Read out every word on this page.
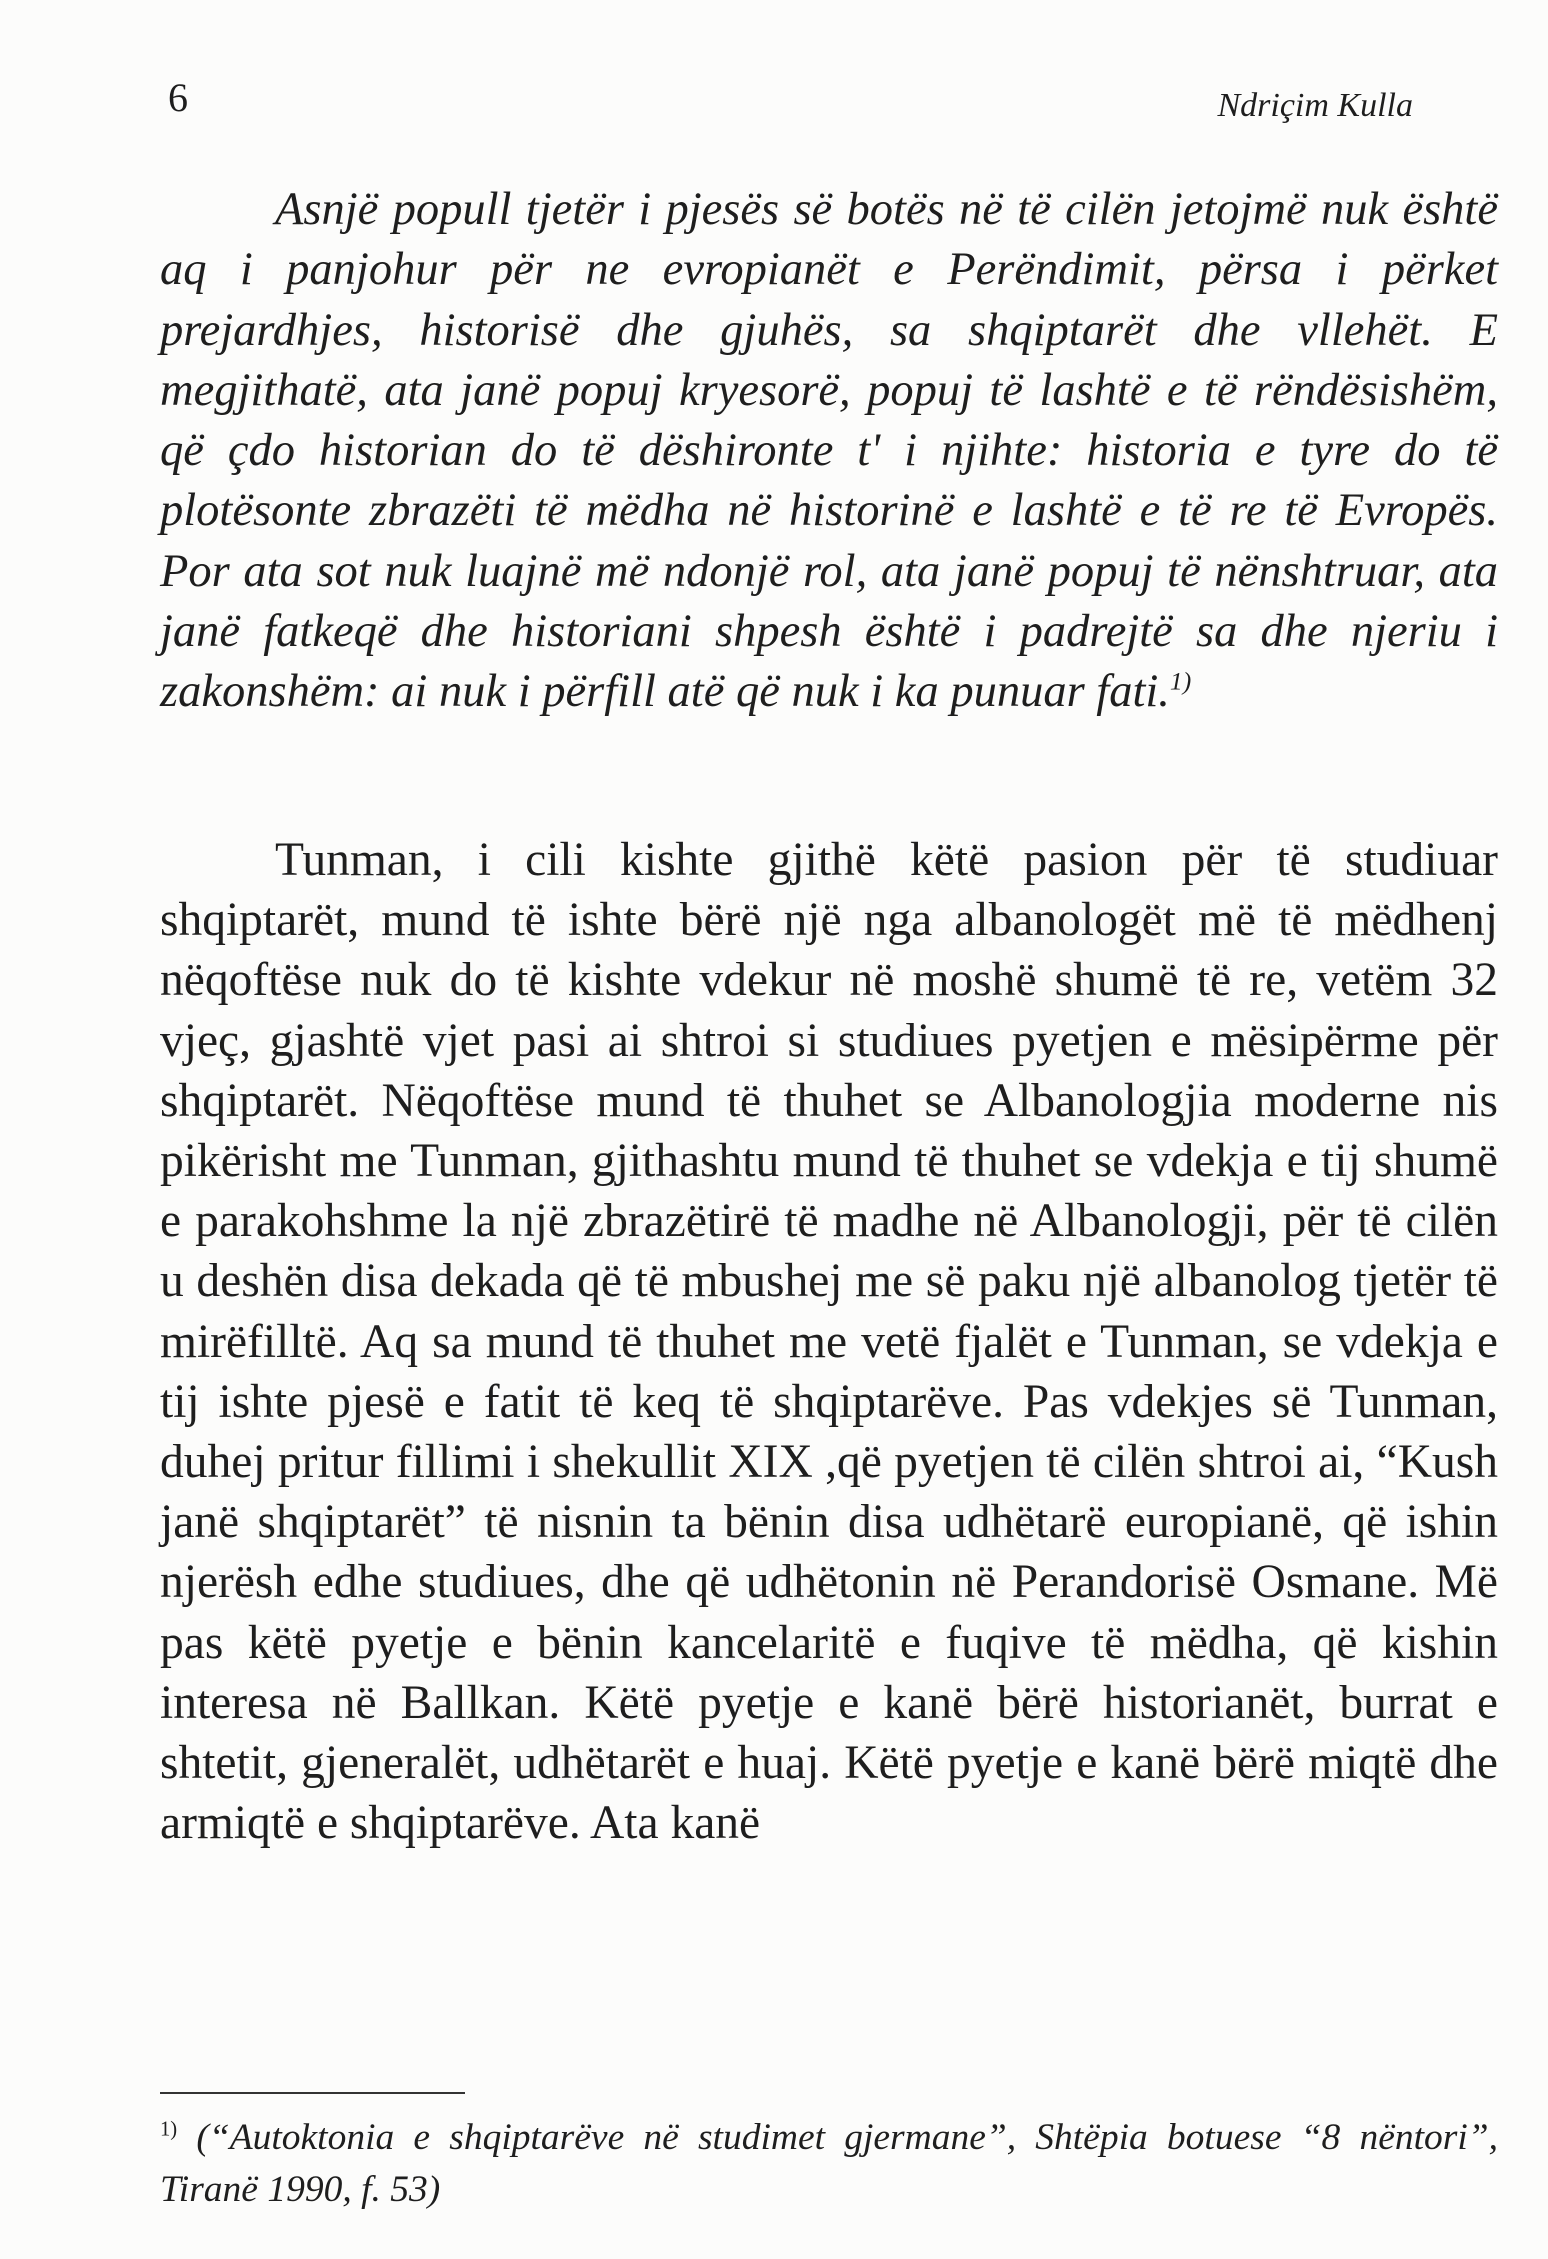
6	Ndriçim Kulla

Asnjë popull tjetër i pjesës së botës në të cilën jetojmë nuk është aq i panjohur për ne evropianët e Perëndimit, përsa i përket prejardhjes, historisë dhe gjuhës, sa shqiptarët dhe vllehët. E megjithatë, ata janë popuj kryesorë, popuj të lashtë e të rëndësishëm, që çdo historian do të dëshironte t' i njihte: historia e tyre do të plotësonte zbrazëti të mëdha në historinë e lashtë e të re të Evropës. Por ata sot nuk luajnë më ndonjë rol, ata janë popuj të nënshtruar, ata janë fatkeqë dhe historiani shpesh është i padrejtë sa dhe njeriu i zakonshëm: ai nuk i përfill atë që nuk i ka punuar fati.$^{1)}$

Tunman, i cili kishte gjithë këtë pasion për të studiuar shqiptarët, mund të ishte bërë një nga albanologët më të mëdhenj nëqoftëse nuk do të kishte vdekur në moshë shumë të re, vetëm 32 vjeç, gjashtë vjet pasi ai shtroi si studiues pyetjen e mësipërme për shqiptarët. Nëqoftëse mund të thuhet se Albanologjia moderne nis pikërisht me Tunman, gjithashtu mund të thuhet se vdekja e tij shumë e parakohshme la një zbrazëtirë të madhe në Albanologji, për të cilën u deshën disa dekada që të mbushej me së paku një albanolog tjetër të mirëfilltë. Aq sa mund të thuhet me vetë fjalët e Tunman, se vdekja e tij ishte pjesë e fatit të keq të shqiptarëve. Pas vdekjes së Tunman, duhej pritur fillimi i shekullit XIX ,që pyetjen të cilën shtroi ai, “Kush janë shqiptarët” të nisnin ta bënin disa udhëtarë europianë, që ishin njerësh edhe studiues, dhe që udhëtonin në Perandorisë Osmane. Më pas këtë pyetje e bënin kancelaritë e fuqive të mëdha, që kishin interesa në Ballkan. Këtë pyetje e kanë bërë historianët, burrat e shtetit, gjeneralët, udhëtarët e huaj. Këtë pyetje e kanë bërë miqtë dhe armiqtë e shqiptarëve. Ata kanë

$^{1)}$ (“Autoktonia e shqiptarëve në studimet gjermane”, Shtëpia botuese “8 nëntori”, Tiranë 1990, f. 53)
